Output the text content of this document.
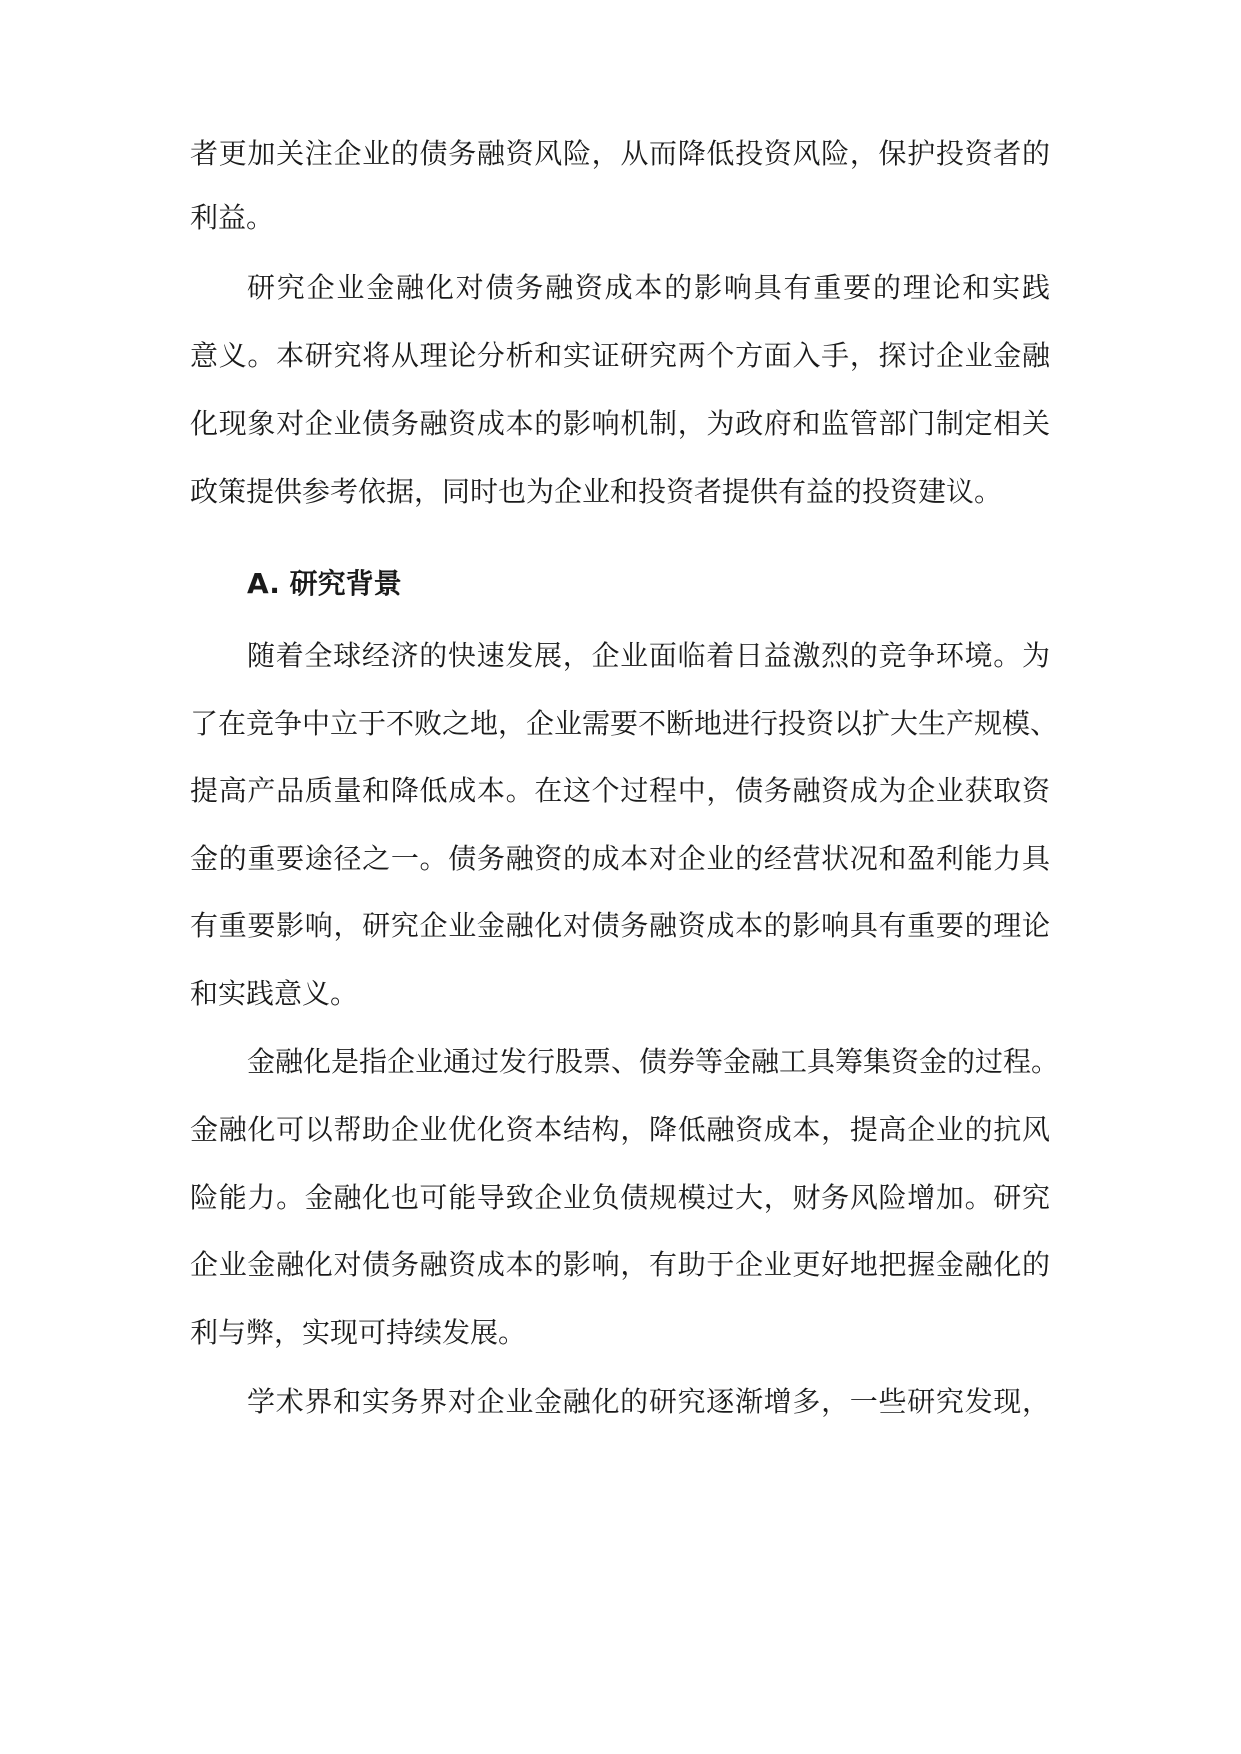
者更加关注企业的债务融资风险，从而降低投资风险，保护投资者的
利益。
研究企业金融化对债务融资成本的影响具有重要的理论和实践
意义。本研究将从理论分析和实证研究两个方面入手，探讨企业金融
化现象对企业债务融资成本的影响机制，为政府和监管部门制定相关
政策提供参考依据，同时也为企业和投资者提供有益的投资建议。
A. 研究背景
随着全球经济的快速发展，企业面临着日益激烈的竞争环境。为
了在竞争中立于不败之地，企业需要不断地进行投资以扩大生产规模、
提高产品质量和降低成本。在这个过程中，债务融资成为企业获取资
金的重要途径之一。债务融资的成本对企业的经营状况和盈利能力具
有重要影响，研究企业金融化对债务融资成本的影响具有重要的理论
和实践意义。
金融化是指企业通过发行股票、债券等金融工具筹集资金的过程。
金融化可以帮助企业优化资本结构，降低融资成本，提高企业的抗风
险能力。金融化也可能导致企业负债规模过大，财务风险增加。研究
企业金融化对债务融资成本的影响，有助于企业更好地把握金融化的
利与弊，实现可持续发展。
学术界和实务界对企业金融化的研究逐渐增多，一些研究发现，
